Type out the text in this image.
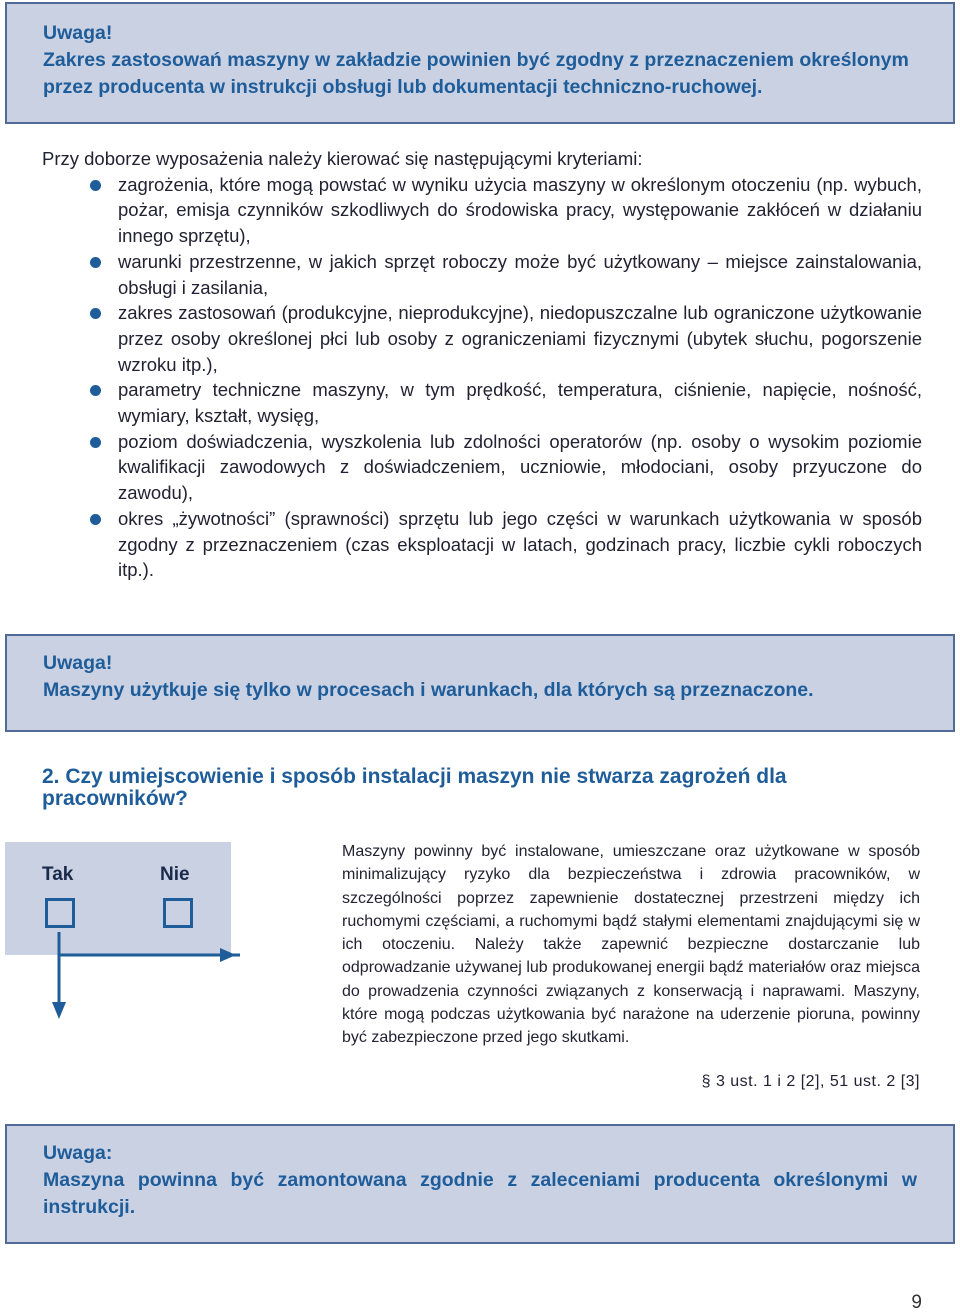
Uwaga!
Zakres zastosowań maszyny w zakładzie powinien być zgodny z przeznaczeniem określonym przez producenta w instrukcji obsługi lub dokumentacji techniczno-ruchowej.

Przy doborze wyposażenia należy kierować się następującymi kryteriami:

zagrożenia, które mogą powstać w wyniku użycia maszyny w określonym otoczeniu (np. wybuch, pożar, emisja czynników szkodliwych do środowiska pracy, występowanie zakłóceń w działaniu innego sprzętu),
warunki przestrzenne, w jakich sprzęt roboczy może być użytkowany – miejsce zainstalowania, obsługi i zasilania,
zakres zastosowań (produkcyjne, nieprodukcyjne), niedopuszczalne lub ograniczone użytkowanie przez osoby określonej płci lub osoby z ograniczeniami fizycznymi (ubytek słuchu, pogorszenie wzroku itp.),
parametry techniczne maszyny, w tym prędkość, temperatura, ciśnienie, napięcie, nośność, wymiary, kształt, wysięg,
poziom doświadczenia, wyszkolenia lub zdolności operatorów (np. osoby o wysokim poziomie kwalifikacji zawodowych z doświadczeniem, uczniowie, młodociani, osoby przyuczone do zawodu),
okres „żywotności” (sprawności) sprzętu lub jego części w warunkach użytkowania w sposób zgodny z przeznaczeniem (czas eksploatacji w latach, godzinach pracy, liczbie cykli roboczych itp.).
Uwaga!
Maszyny użytkuje się tylko w procesach i warunkach, dla których są przeznaczone.
2. Czy umiejscowienie i sposób instalacji maszyn nie stwarza zagrożeń dla pracowników?
Tak	Nie

Maszyny powinny być instalowane, umieszczane oraz użytkowane w sposób minimalizujący ryzyko dla bezpieczeństwa i zdrowia pracowników, w szczególności poprzez zapewnienie dostatecznej przestrzeni między ich ruchomymi częściami, a ruchomymi bądź stałymi elementami znajdującymi się w ich otoczeniu. Należy także zapewnić bezpieczne dostarczanie lub odprowadzanie używanej lub produkowanej energii bądź materiałów oraz miejsca do prowadzenia czynności związanych z konserwacją i naprawami. Maszyny, które mogą podczas użytkowania być narażone na uderzenie pioruna, powinny być zabezpieczone przed jego skutkami.

§ 3 ust. 1 i 2 [2], 51 ust. 2 [3]
Uwaga:
Maszyna powinna być zamontowana zgodnie z zaleceniami producenta określonymi w instrukcji.
9
